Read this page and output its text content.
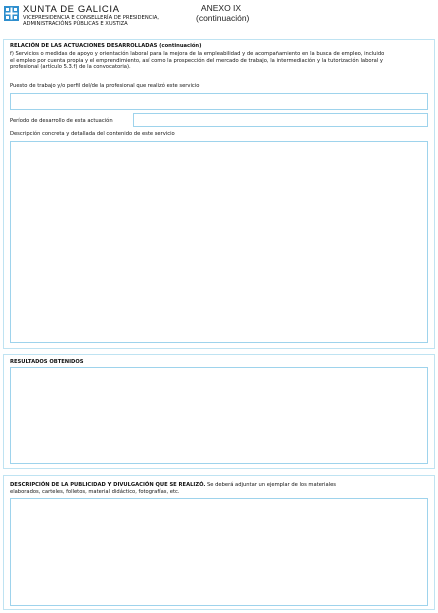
XUNTA DE GALICIA
VICEPRESIDENCIA E CONSELLERÍA DE PRESIDENCIA,
ADMINISTRACIÓNS PÚBLICAS E XUSTIZA
ANEXO IX
(continuación)
RELACIÓN DE LAS ACTUACIONES DESARROLLADAS (continuación)
f) Servicios o medidas de apoyo y orientación laboral para la mejora de la empleabilidad y de acompañamiento en la busca de empleo, incluido
el empleo por cuenta propia y el emprendimiento, así como la prospección del mercado de trabajo, la intermediación y la tutorización laboral y
profesional (artículo 5.3.f) de la convocatoria).
Puesto de trabajo y/o perfil del/de la profesional que realizó este servicio
Período de desarrollo de esta actuación
Descripción concreta y detallada del contenido de este servicio
RESULTADOS OBTENIDOS
DESCRIPCIÓN DE LA PUBLICIDAD Y DIVULGACIÓN QUE SE REALIZÓ. Se deberá adjuntar un ejemplar de los materiales
elaborados, carteles, folletos, material didáctico, fotografías, etc.
